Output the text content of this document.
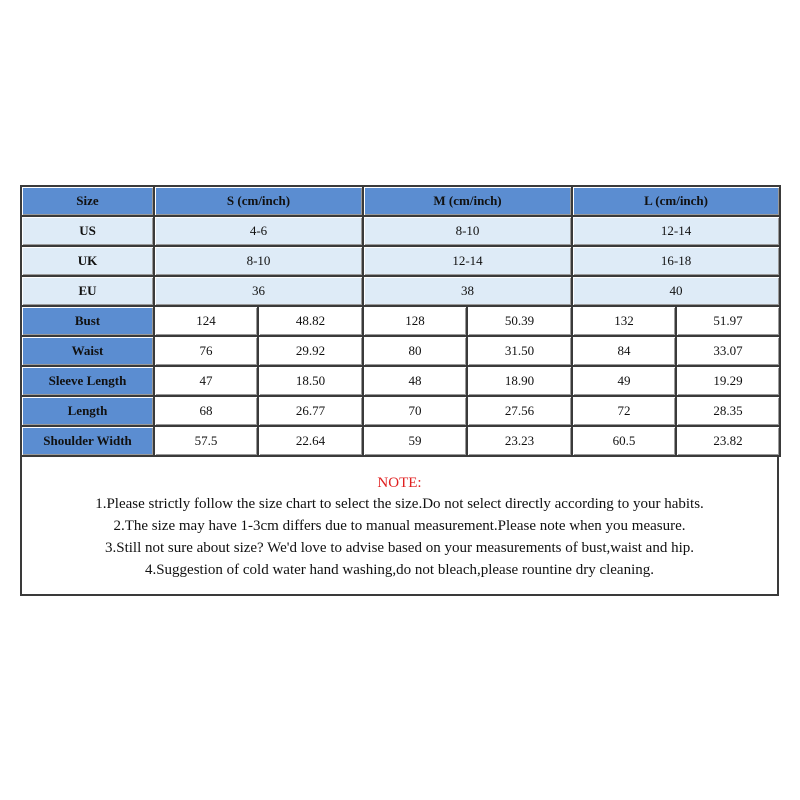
Size	S (cm/inch)		M (cm/inch)		L (cm/inch)	
US	4-6		8-10		12-14	
UK	8-10		12-14		16-18	
EU	36		38		40	
Bust	124	48.82	128	50.39	132	51.97
Waist	76	29.92	80	31.50	84	33.07
Sleeve Length	47	18.50	48	18.90	49	19.29
Length	68	26.77	70	27.56	72	28.35
Shoulder Width	57.5	22.64	59	23.23	60.5	23.82
NOTE:
1.Please strictly follow the size chart to select the size.Do not select directly according to your habits.
2.The size may have 1-3cm differs due to manual measurement.Please note when you measure.
3.Still not sure about size? We'd love to advise based on your measurements of bust,waist and hip.
4.Suggestion of cold water hand washing,do not bleach,please rountine dry cleaning.
